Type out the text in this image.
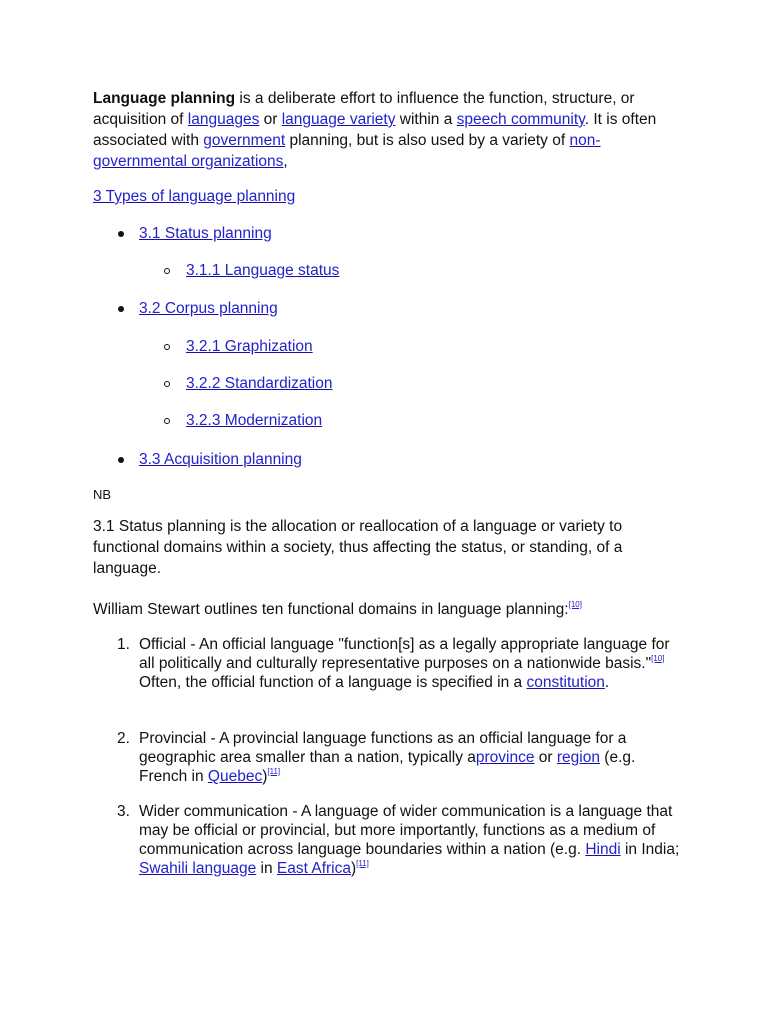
Language planning is a deliberate effort to influence the function, structure, or acquisition of languages or language variety within a speech community. It is often associated with government planning, but is also used by a variety of non-governmental organizations,
3 Types of language planning
3.1 Status planning
3.1.1 Language status
3.2 Corpus planning
3.2.1 Graphization
3.2.2 Standardization
3.2.3 Modernization
3.3 Acquisition planning
NB
3.1 Status planning is the allocation or reallocation of a language or variety to functional domains within a society, thus affecting the status, or standing, of a language.
William Stewart outlines ten functional domains in language planning:[10]
1. Official - An official language "function[s] as a legally appropriate language for all politically and culturally representative purposes on a nationwide basis."[10] Often, the official function of a language is specified in a constitution.
2. Provincial - A provincial language functions as an official language for a geographic area smaller than a nation, typically aprovince or region (e.g. French in Quebec)[11]
3. Wider communication - A language of wider communication is a language that may be official or provincial, but more importantly, functions as a medium of communication across language boundaries within a nation (e.g. Hindi in India; Swahili language in East Africa)[11]
